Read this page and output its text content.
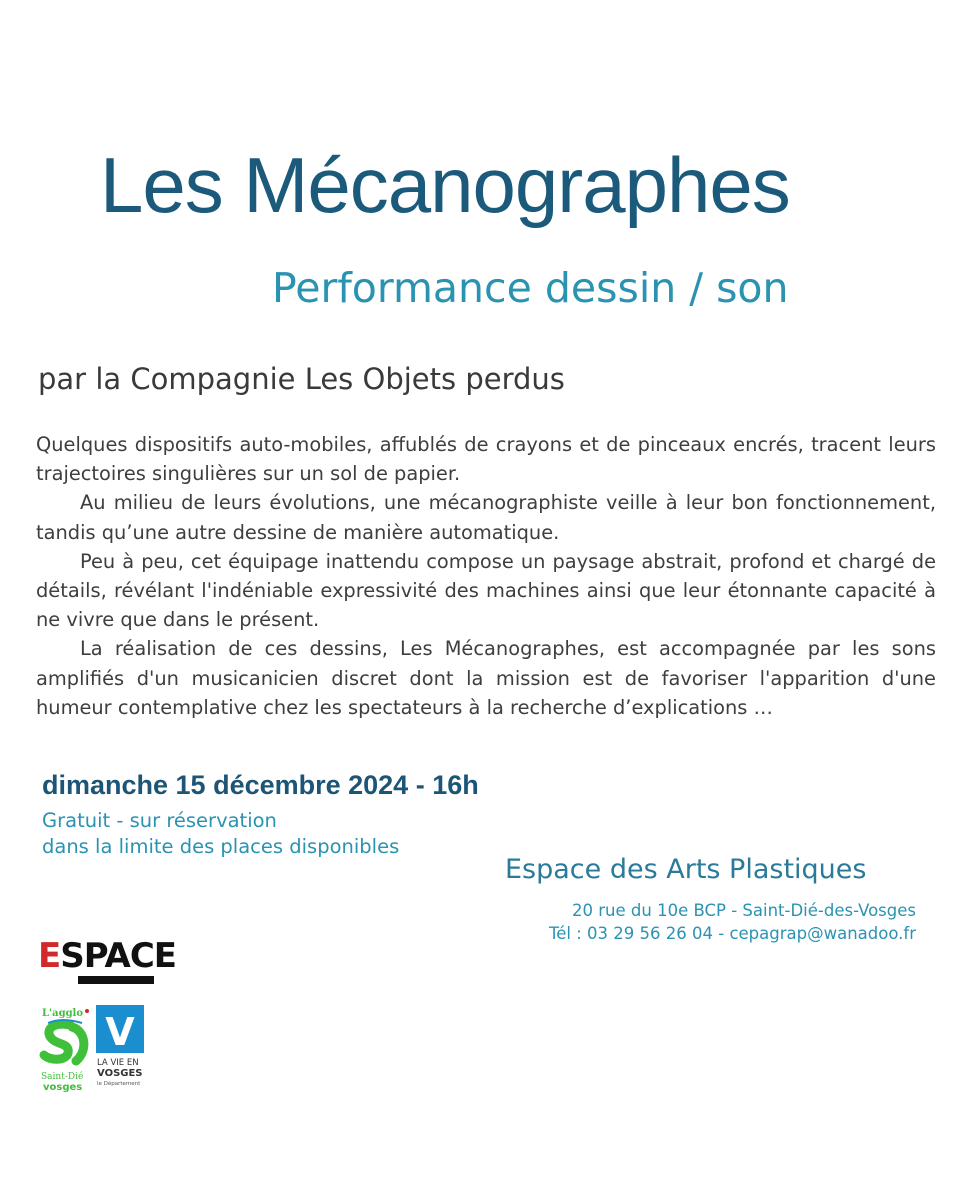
Les Mécanographes
Performance dessin / son
par la Compagnie Les Objets perdus

Quelques dispositifs auto-mobiles, affublés de crayons et de pinceaux encrés, tracent leurs trajectoires singulières sur un sol de papier.

Au milieu de leurs évolutions, une mécanographiste veille à leur bon fonctionnement, tandis qu’une autre dessine de manière automatique.

Peu à peu, cet équipage inattendu compose un paysage abstrait, profond et chargé de détails, révélant l'indéniable expressivité des machines ainsi que leur étonnante capacité à ne vivre que dans le présent.

La réalisation de ces dessins, Les Mécanographes, est accompagnée par les sons amplifiés d'un musicanicien discret dont la mission est de favoriser l'apparition d'une humeur contemplative chez les spectateurs à la recherche d’explications …

dimanche 15 décembre 2024 - 16h
Gratuit - sur réservation
dans la limite des places disponibles
Espace des Arts Plastiques
20 rue du 10e BCP - Saint-Dié-des-Vosges
Tél : 03 29 56 26 04 - cepagrap@wanadoo.fr
ESPACE
L'agglo
Saint-Dié
vosges
V
LA VIE EN
VOSGES
le Département
